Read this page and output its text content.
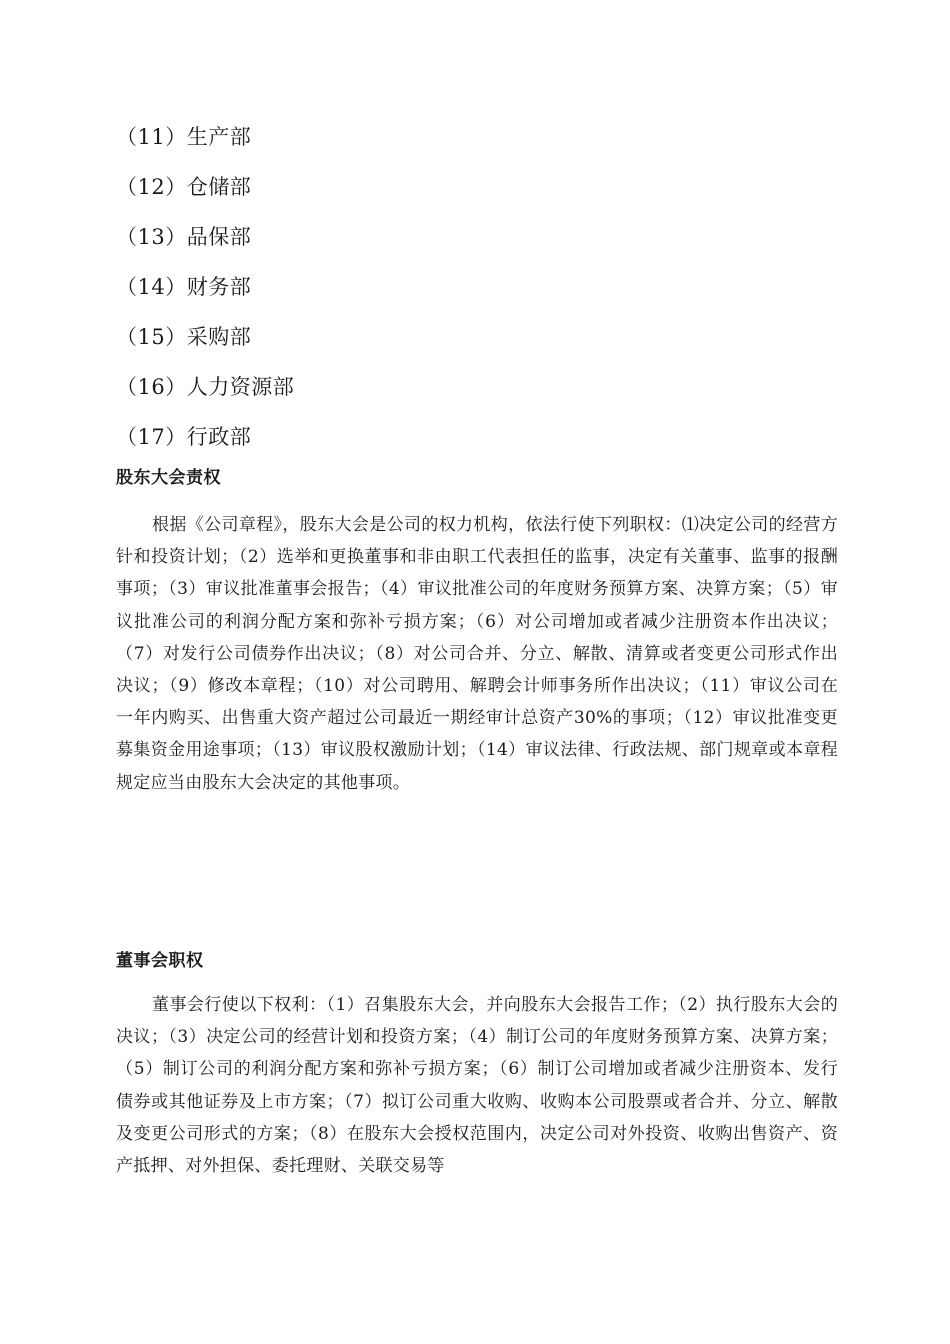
（11）生产部
（12）仓储部
（13）品保部
（14）财务部
（15）采购部
（16）人力资源部
（17）行政部
股东大会责权

根据《公司章程》，股东大会是公司的权力机构，依法行使下列职权：⑴决定公司的经营方针和投资计划；（2）选举和更换董事和非由职工代表担任的监事，决定有关董事、监事的报酬事项；（3）审议批准董事会报告；（4）审议批准公司的年度财务预算方案、决算方案；（5）审议批准公司的利润分配方案和弥补亏损方案；（6）对公司增加或者减少注册资本作出决议；（7）对发行公司债券作出决议；（8）对公司合并、分立、解散、清算或者变更公司形式作出决议；（9）修改本章程；（10）对公司聘用、解聘会计师事务所作出决议；（11）审议公司在一年内购买、出售重大资产超过公司最近一期经审计总资产30%的事项；（12）审议批准变更募集资金用途事项；（13）审议股权激励计划；（14）审议法律、行政法规、部门规章或本章程规定应当由股东大会决定的其他事项。

董事会职权

董事会行使以下权利：（1）召集股东大会，并向股东大会报告工作；（2）执行股东大会的决议；（3）决定公司的经营计划和投资方案；（4）制订公司的年度财务预算方案、决算方案；（5）制订公司的利润分配方案和弥补亏损方案；（6）制订公司增加或者减少注册资本、发行债券或其他证券及上市方案；（7）拟订公司重大收购、收购本公司股票或者合并、分立、解散及变更公司形式的方案；（8）在股东大会授权范围内，决定公司对外投资、收购出售资产、资产抵押、对外担保、委托理财、关联交易等
